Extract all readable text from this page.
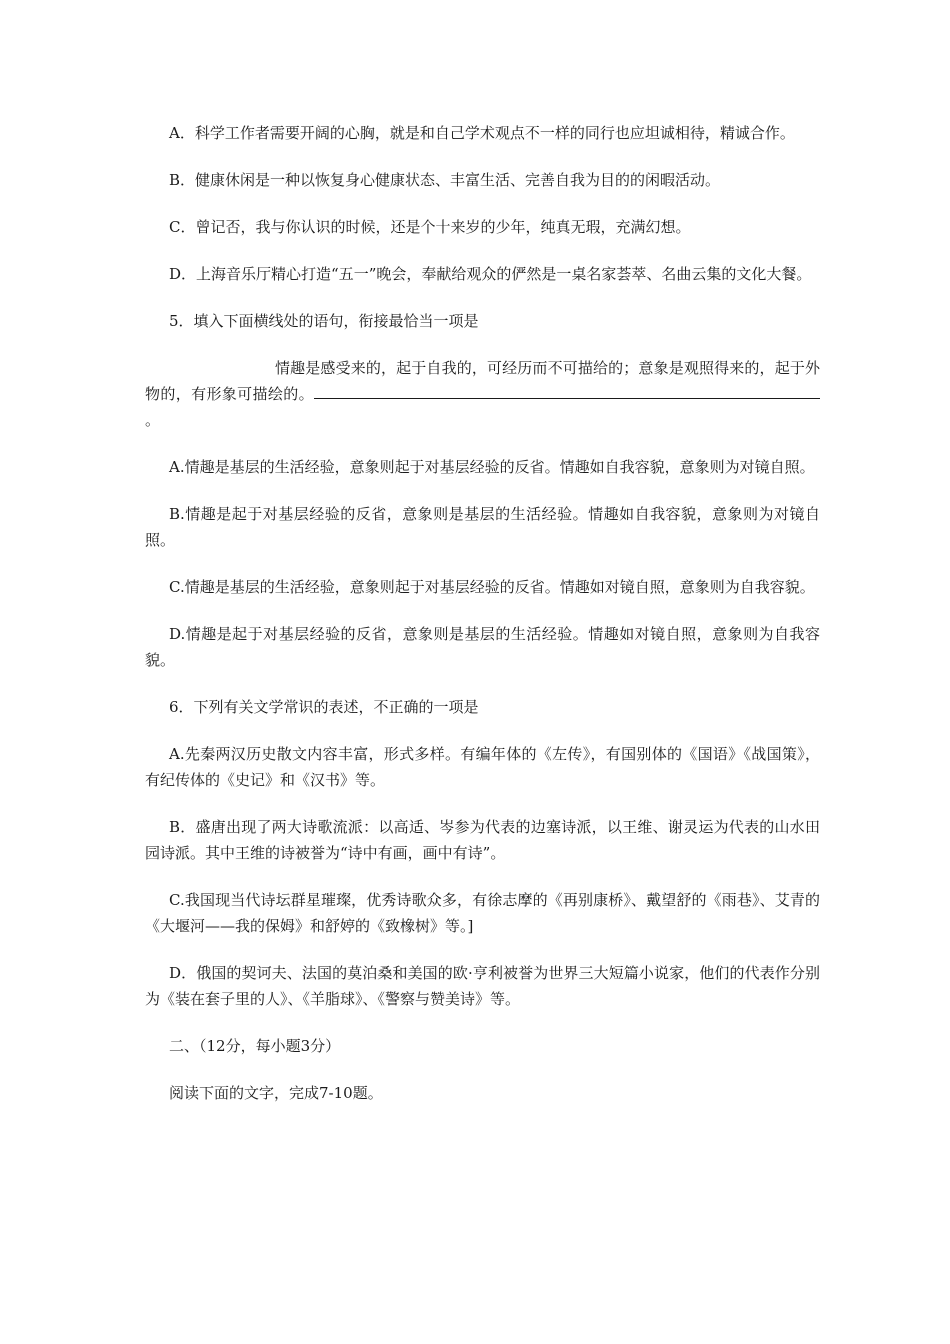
A．科学工作者需要开阔的心胸，就是和自己学术观点不一样的同行也应坦诚相待，精诚合作。

B．健康休闲是一种以恢复身心健康状态、丰富生活、完善自我为目的的闲暇活动。

C．曾记否，我与你认识的时候，还是个十来岁的少年，纯真无瑕，充满幻想。

D．上海音乐厅精心打造“五一”晚会，奉献给观众的俨然是一桌名家荟萃、名曲云集的文化大餐。

5．填入下面横线处的语句，衔接最恰当一项是

情趣是感受来的，起于自我的，可经历而不可描给的；意象是观照得来的，起于外物的，有形象可描绘的。。

A.情趣是基层的生活经验，意象则起于对基层经验的反省。情趣如自我容貌，意象则为对镜自照。

B.情趣是起于对基层经验的反省，意象则是基层的生活经验。情趣如自我容貌，意象则为对镜自照。

C.情趣是基层的生活经验，意象则起于对基层经验的反省。情趣如对镜自照，意象则为自我容貌。

D.情趣是起于对基层经验的反省，意象则是基层的生活经验。情趣如对镜自照，意象则为自我容貌。

6．下列有关文学常识的表述，不正确的一项是

A.先秦两汉历史散文内容丰富，形式多样。有编年体的《左传》，有国别体的《国语》《战国策》，有纪传体的《史记》和《汉书》等。

B．盛唐出现了两大诗歌流派：以高适、岑参为代表的边塞诗派，以王维、谢灵运为代表的山水田园诗派。其中王维的诗被誉为“诗中有画，画中有诗”。

C.我国现当代诗坛群星璀璨，优秀诗歌众多，有徐志摩的《再别康桥》、戴望舒的《雨巷》、艾青的《大堰河——我的保姆》和舒婷的《致橡树》等。]

D．俄国的契诃夫、法国的莫泊桑和美国的欧·亨利被誉为世界三大短篇小说家，他们的代表作分别为《装在套子里的人》、《羊脂球》、《警察与赞美诗》等。

二、（12分，每小题3分）

阅读下面的文字，完成7-10题。
